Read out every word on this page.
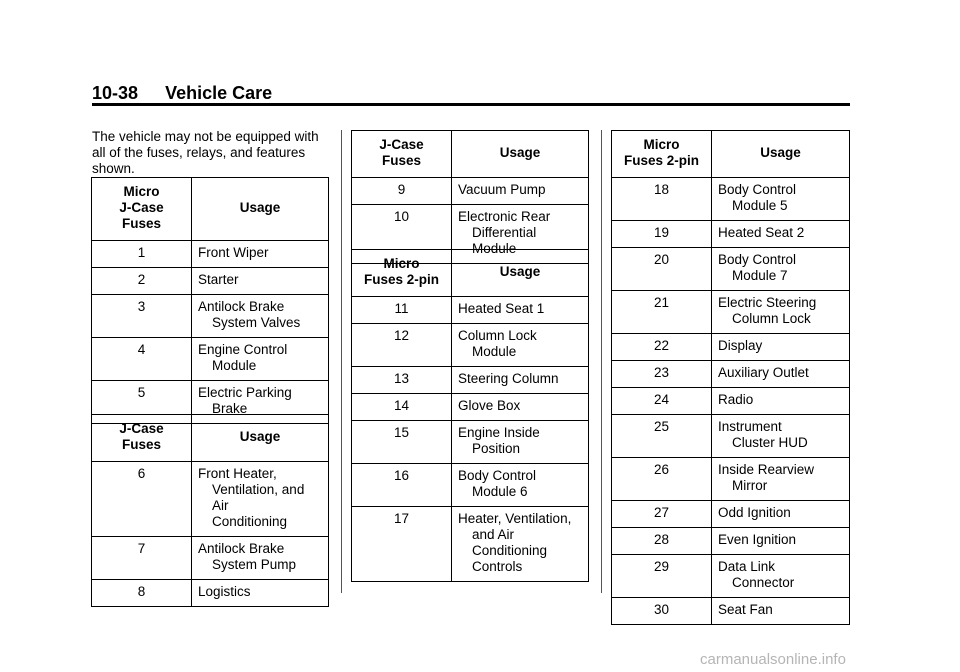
10-38 Vehicle Care
The vehicle may not be equipped with all of the fuses, relays, and features shown.
Micro
J-Case
Fuses	Usage
1	Front Wiper
2	Starter
3	Antilock Brake
System Valves

4	Engine Control
Module

5	Electric Parking
Brake
J-Case
Fuses	Usage
6	Front Heater,
Ventilation, and Air
Conditioning

7	Antilock Brake
System Pump

8	Logistics
J-Case
Fuses	Usage
9	Vacuum Pump
10	Electronic Rear
Differential Module
Micro
Fuses 2-pin	Usage
11	Heated Seat 1
12	Column Lock
Module

13	Steering Column
14	Glove Box
15	Engine Inside
Position

16	Body Control
Module 6

17	Heater, Ventilation,
and Air
Conditioning
Controls
Micro
Fuses 2-pin	Usage
18	Body Control
Module 5

19	Heated Seat 2
20	Body Control
Module 7

21	Electric Steering
Column Lock

22	Display
23	Auxiliary Outlet
24	Radio
25	Instrument
Cluster HUD

26	Inside Rearview
Mirror

27	Odd Ignition
28	Even Ignition
29	Data Link
Connector

30	Seat Fan
carmanualsonline.info
